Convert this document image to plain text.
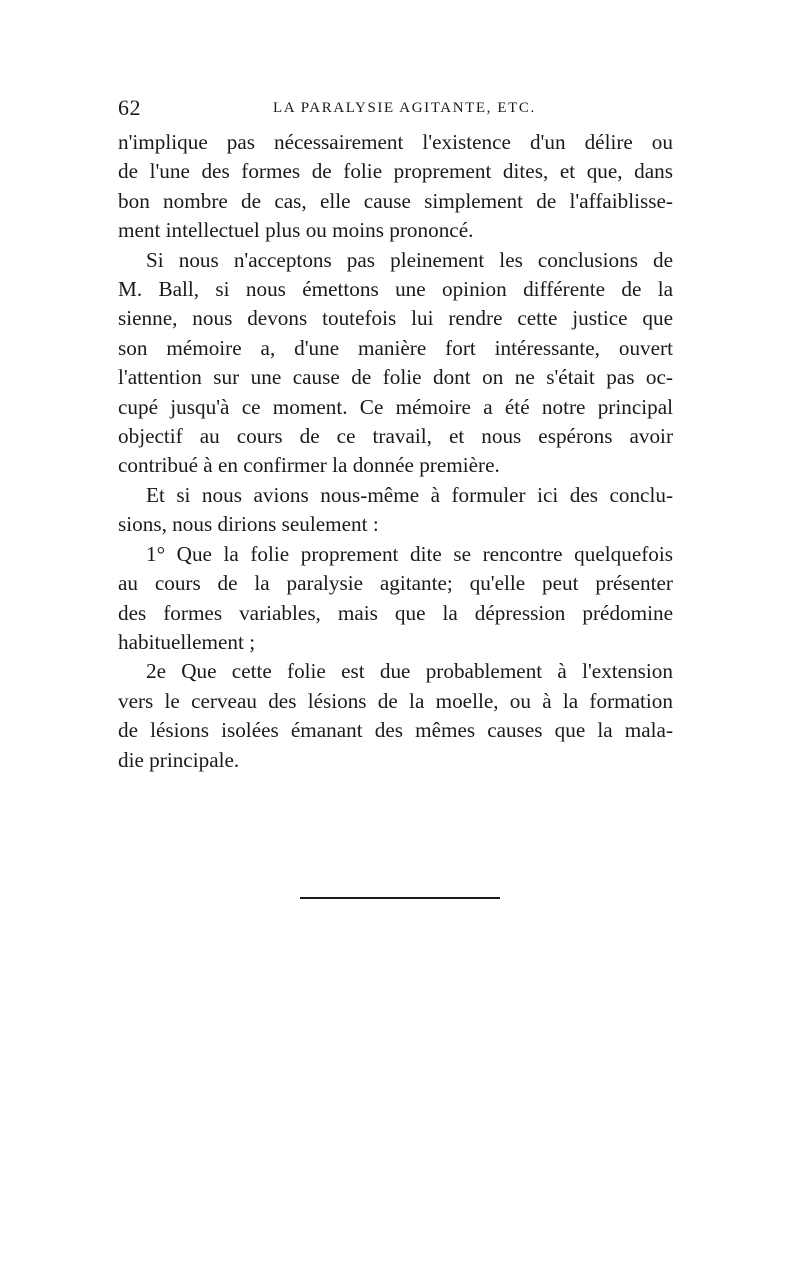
62	LA PARALYSIE AGITANTE, ETC.
n'implique pas nécessairement l'existence d'un délire ou
de l'une des formes de folie proprement dites, et que, dans
bon nombre de cas, elle cause simplement de l'affaiblisse-
ment intellectuel plus ou moins prononcé.
Si nous n'acceptons pas pleinement les conclusions de
M. Ball, si nous émettons une opinion différente de la
sienne, nous devons toutefois lui rendre cette justice que
son mémoire a, d'une manière fort intéressante, ouvert
l'attention sur une cause de folie dont on ne s'était pas oc-
cupé jusqu'à ce moment. Ce mémoire a été notre principal
objectif au cours de ce travail, et nous espérons avoir
contribué à en confirmer la donnée première.
Et si nous avions nous-même à formuler ici des conclu-
sions, nous dirions seulement :
1° Que la folie proprement dite se rencontre quelquefois
au cours de la paralysie agitante; qu'elle peut présenter
des formes variables, mais que la dépression prédomine
habituellement ;
2e Que cette folie est due probablement à l'extension
vers le cerveau des lésions de la moelle, ou à la formation
de lésions isolées émanant des mêmes causes que la mala-
die principale.
